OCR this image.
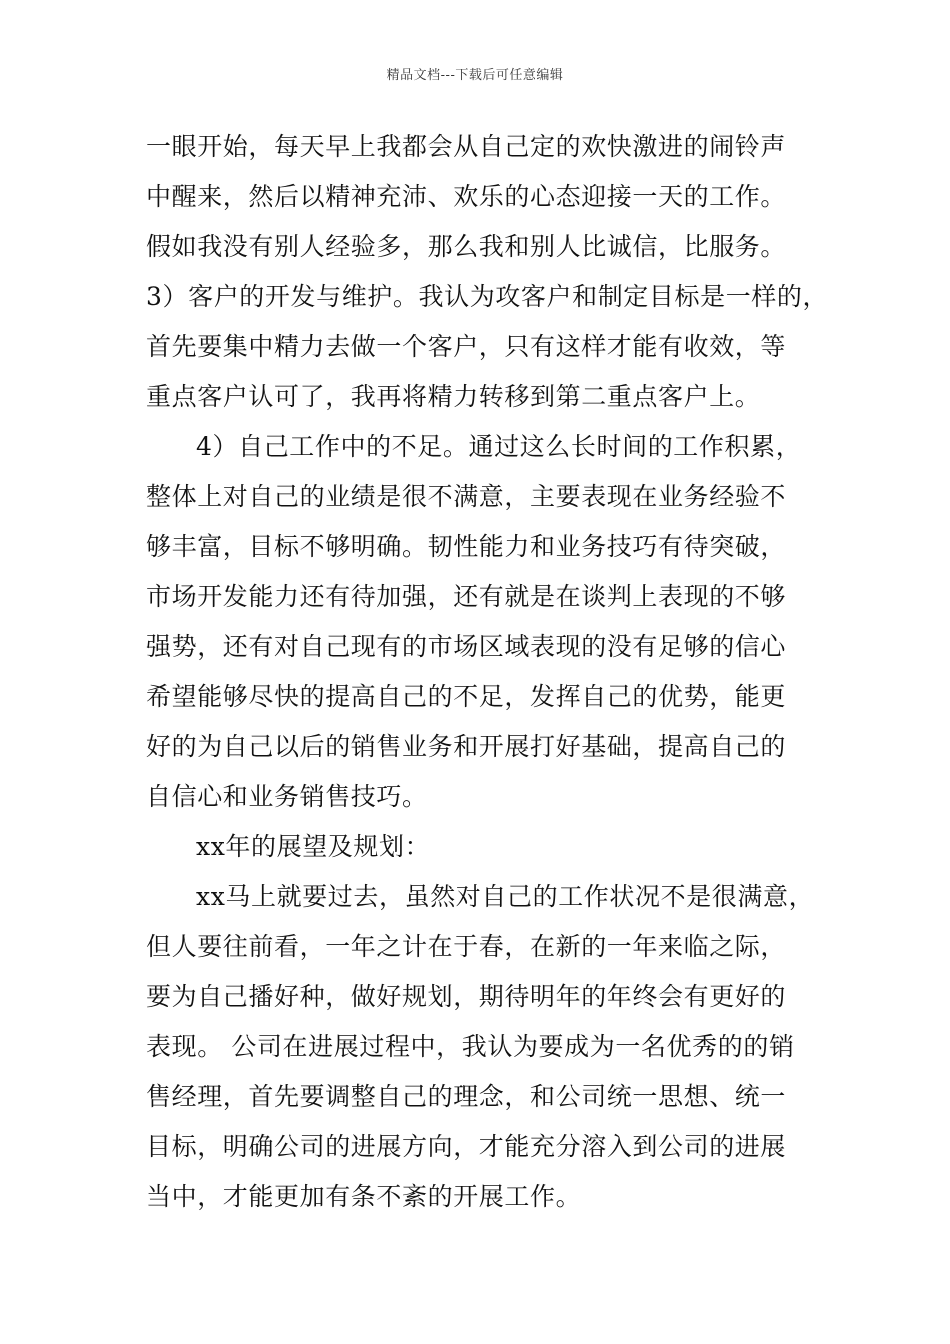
精品文档---下载后可任意编辑
一眼开始，每天早上我都会从自己定的欢快激进的闹铃声
中醒来，然后以精神充沛、欢乐的心态迎接一天的工作。
假如我没有别人经验多，那么我和别人比诚信，比服务。
3）客户的开发与维护。我认为攻客户和制定目标是一样的，
首先要集中精力去做一个客户，只有这样才能有收效，等
重点客户认可了，我再将精力转移到第二重点客户上。
4）自己工作中的不足。通过这么长时间的工作积累，
整体上对自己的业绩是很不满意，主要表现在业务经验不
够丰富，目标不够明确。韧性能力和业务技巧有待突破，
市场开发能力还有待加强，还有就是在谈判上表现的不够
强势，还有对自己现有的市场区域表现的没有足够的信心
希望能够尽快的提高自己的不足，发挥自己的优势，能更
好的为自己以后的销售业务和开展打好基础，提高自己的
自信心和业务销售技巧。
xx年的展望及规划：
xx马上就要过去，虽然对自己的工作状况不是很满意，
但人要往前看，一年之计在于春，在新的一年来临之际，
要为自己播好种，做好规划，期待明年的年终会有更好的
表现。 公司在进展过程中，我认为要成为一名优秀的的销
售经理，首先要调整自己的理念，和公司统一思想、统一
目标，明确公司的进展方向，才能充分溶入到公司的进展
当中，才能更加有条不紊的开展工作。
